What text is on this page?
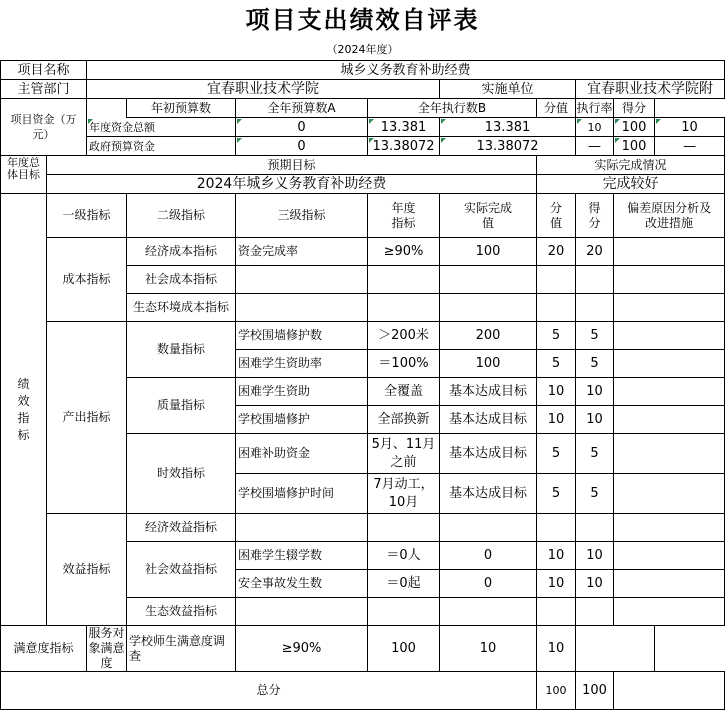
项目支出绩效自评表
（2024年度）
项目名称		城乡义务教育补助经费									
主管部门		宜春职业技术学院				实施单位		宜春职业技术学院附			
项目资金（万元）			年初预算数	全年预算数A	全年执行数B		分值	执行率	得分		
		年度资金总额		0	13.381	13.381		10	100	10	
		政府预算资金		0	13.38072	13.38072		—	100	—	

年度总体目标	预期目标						实际完成情况				
	2024年城乡义务教育补助经费						完成较好				
绩效指标	一级指标		二级指标	三级指标	年度指标	实际完成值	分值	得分	偏差原因分析及改进措施		
	成本指标		经济成本指标	资金完成率	≥90%	100	20	20			
			社会成本指标								
			生态环境成本指标								
	产出指标		数量指标	学校围墙修护数	＞200米	200	5	5			
				困难学生资助率	＝100%	100	5	5			
			质量指标	困难学生资助	全覆盖	基本达成目标	10	10			
				学校围墙修护	全部换新	基本达成目标	10	10			
			时效指标	困难补助资金	5月、11月之前	基本达成目标	5	5			
				学校围墙修护时间	7月动工，10月	基本达成目标	5	5			
	效益指标		经济效益指标								
			社会效益指标	困难学生辍学数	＝0人	0	10	10			
				安全事故发生数	＝0起	0	10	10			
			生态效益指标								
满意度指标		服务对象满意度	学校师生满意度调查	≥90%	100	10	10				
总分							100	100			
